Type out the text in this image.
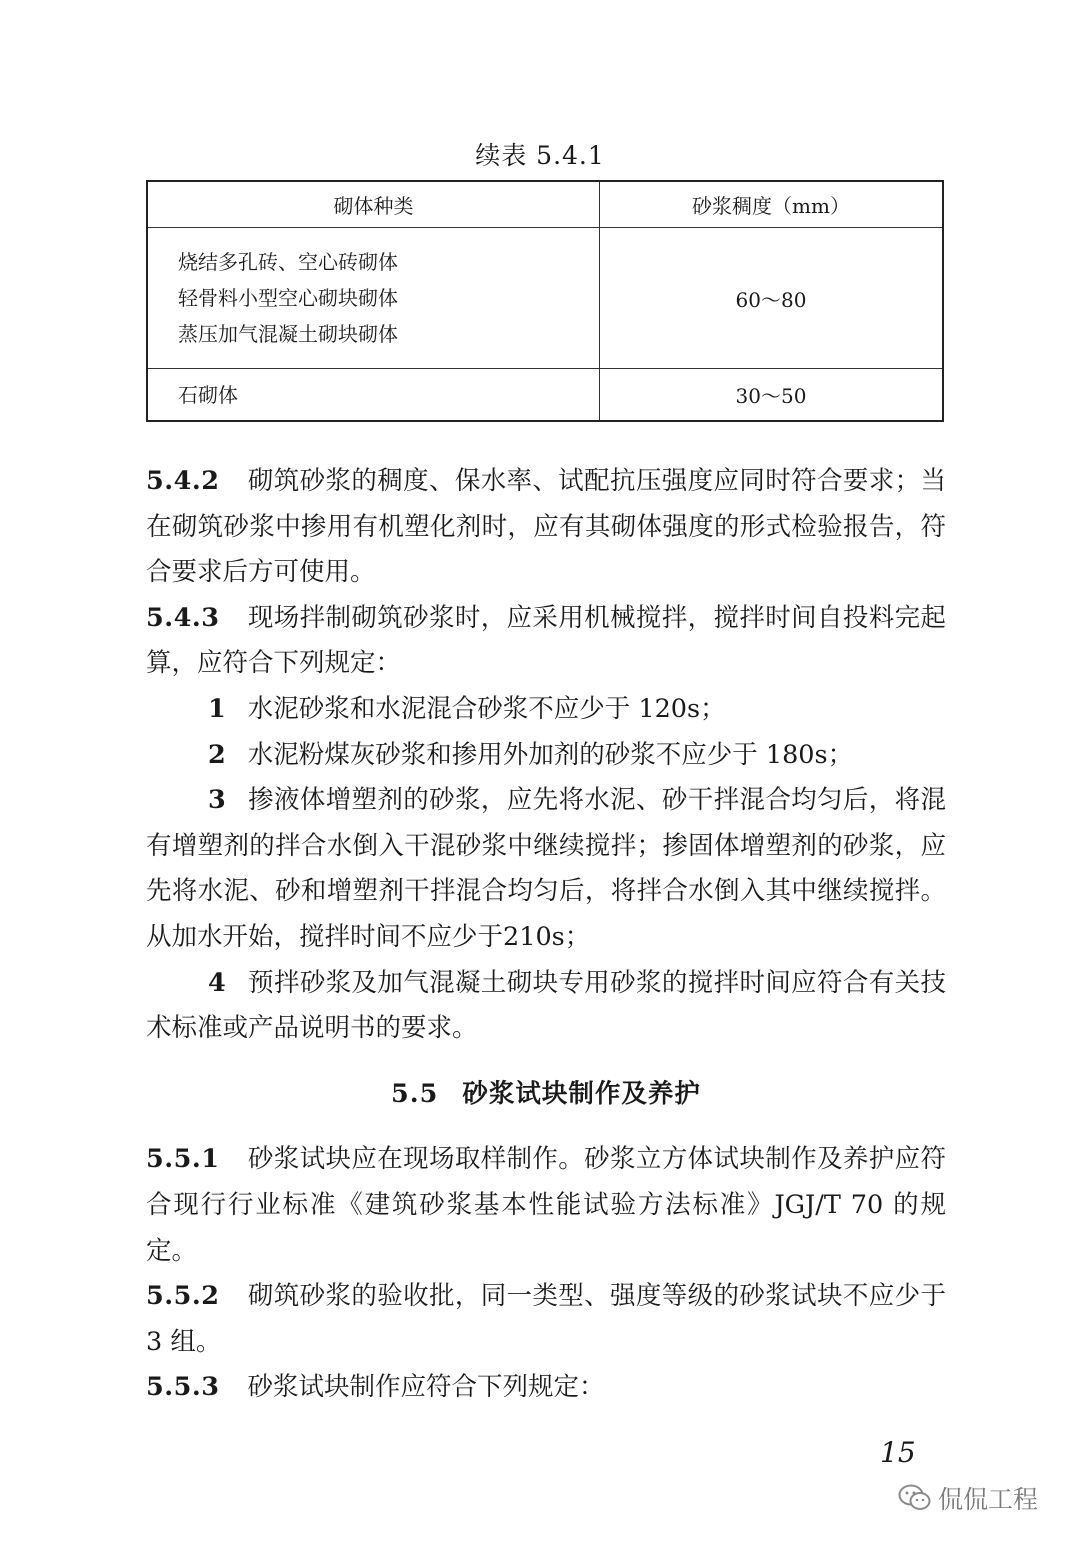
续表 5.4.1
砌体种类	砂浆稠度（mm）

烧结多孔砖、空心砖砌体
轻骨料小型空心砌块砌体
蒸压加气混凝土砌块砌体	60～80

石砌体	30～50

5.4.2 砌筑砂浆的稠度、保水率、试配抗压强度应同时符合要求；当在砌筑砂浆中掺用有机塑化剂时，应有其砌体强度的形式检验报告，符合要求后方可使用。

5.4.3 现场拌制砌筑砂浆时，应采用机械搅拌，搅拌时间自投料完起算，应符合下列规定：

1 水泥砂浆和水泥混合砂浆不应少于 120s；

2 水泥粉煤灰砂浆和掺用外加剂的砂浆不应少于 180s；

3 掺液体增塑剂的砂浆，应先将水泥、砂干拌混合均匀后，将混有增塑剂的拌合水倒入干混砂浆中继续搅拌；掺固体增塑剂的砂浆，应先将水泥、砂和增塑剂干拌混合均匀后，将拌合水倒入其中继续搅拌。从加水开始，搅拌时间不应少于210s；

4 预拌砂浆及加气混凝土砌块专用砂浆的搅拌时间应符合有关技术标准或产品说明书的要求。

5.5 砂浆试块制作及养护

5.5.1 砂浆试块应在现场取样制作。砂浆立方体试块制作及养护应符合现行行业标准《建筑砂浆基本性能试验方法标准》JGJ/T 70 的规定。

5.5.2 砌筑砂浆的验收批，同一类型、强度等级的砂浆试块不应少于 3 组。

5.5.3 砂浆试块制作应符合下列规定：

15
侃侃工程
